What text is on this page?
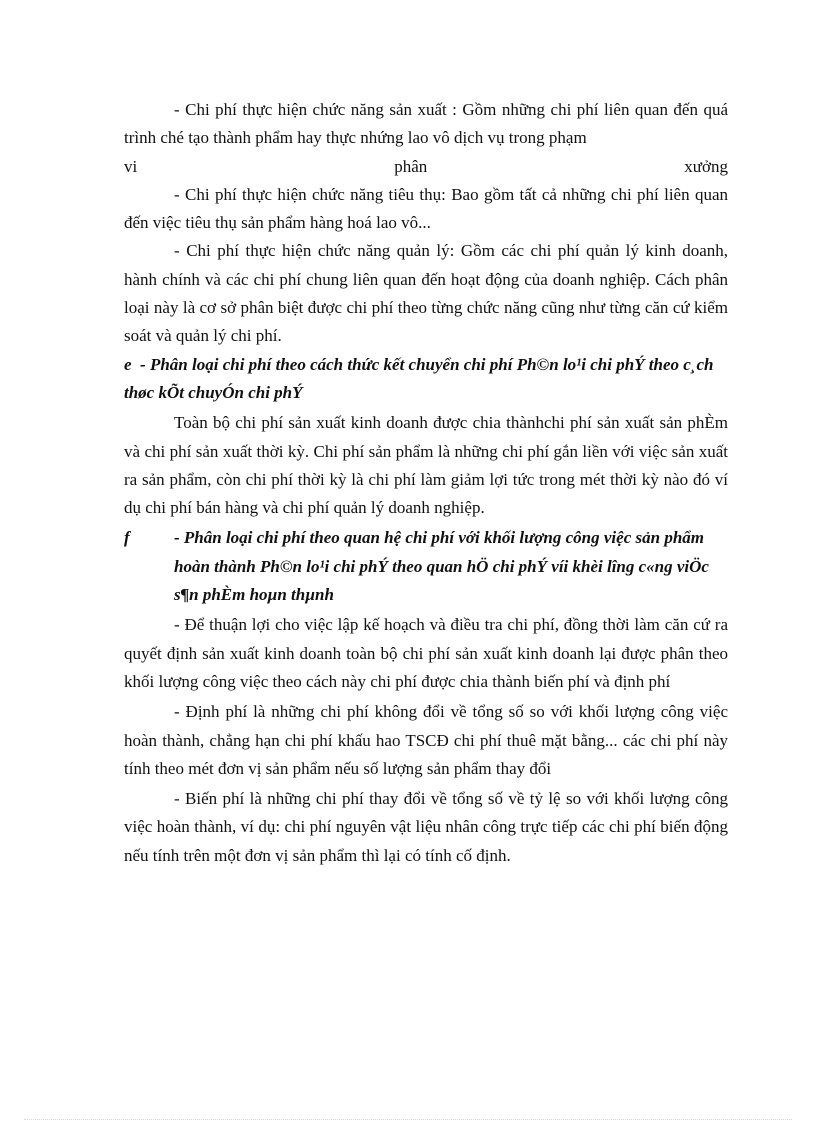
- Chi phí thực hiện chức năng sản xuất : Gồm những chi phí liên quan đến quá trình ché tạo thành phẩm hay thực nhứng lao vô dịch vụ trong phạm

vi	phân	xưởng

- Chi phí thực hiện chức năng tiêu thụ: Bao gồm tất cả những chi phí liên quan đến việc tiêu thụ sản phẩm hàng hoá lao vô...

- Chi phí thực hiện chức năng quản lý: Gồm các chi phí quản lý kinh doanh, hành chính và các chi phí chung liên quan đến hoạt động của doanh nghiệp. Cách phân loại này là cơ sở phân biệt được chi phí theo từng chức năng cũng như từng căn cứ kiểm soát và quản lý chi phí.

e - Phân loại chi phí theo cách thức kết chuyển chi phí Ph©n lo¹i chi phÝ theo c¸ch thøc kÕt chuyÓn chi phÝ

Toàn bộ chi phí sản xuất kinh doanh được chia thànhchi phí sản xuất sản phÈm và chi phí sản xuất thời kỳ. Chi phí sản phẩm là những chi phí gắn liền với việc sản xuất ra sản phẩm, còn chi phí thời kỳ là chi phí làm giảm lợi tức trong mét thời kỳ nào đó ví dụ chi phí bán hàng và chi phí quản lý doanh nghiệp.

f	- Phân loại chi phí theo quan hệ chi phí với khối lượng công việc sản phẩm hoàn thành Ph©n lo¹i chi phÝ theo quan hÖ chi phÝ víi khèi lîng c«ng viÖc s¶n phÈm hoµn thµnh

- Để thuận lợi cho việc lập kế hoạch và điều tra chi phí, đồng thời làm căn cứ ra quyết định sản xuất kinh doanh toàn bộ chi phí sản xuất kinh doanh lại được phân theo khối lượng công việc theo cách này chi phí được chia thành biến phí và định phí

- Định phí là những chi phí không đổi về tổng số so với khối lượng công việc hoàn thành, chẳng hạn chi phí khấu hao TSCĐ chi phí thuê mặt bằng... các chi phí này tính theo mét đơn vị sản phẩm nếu số lượng sản phẩm thay đổi

- Biến phí là những chi phí thay đổi về tổng số về tỷ lệ so với khối lượng công việc hoàn thành, ví dụ: chi phí nguyên vật liệu nhân công trực tiếp các chi phí biến động nếu tính trên một đơn vị sản phẩm thì lại có tính cố định.
